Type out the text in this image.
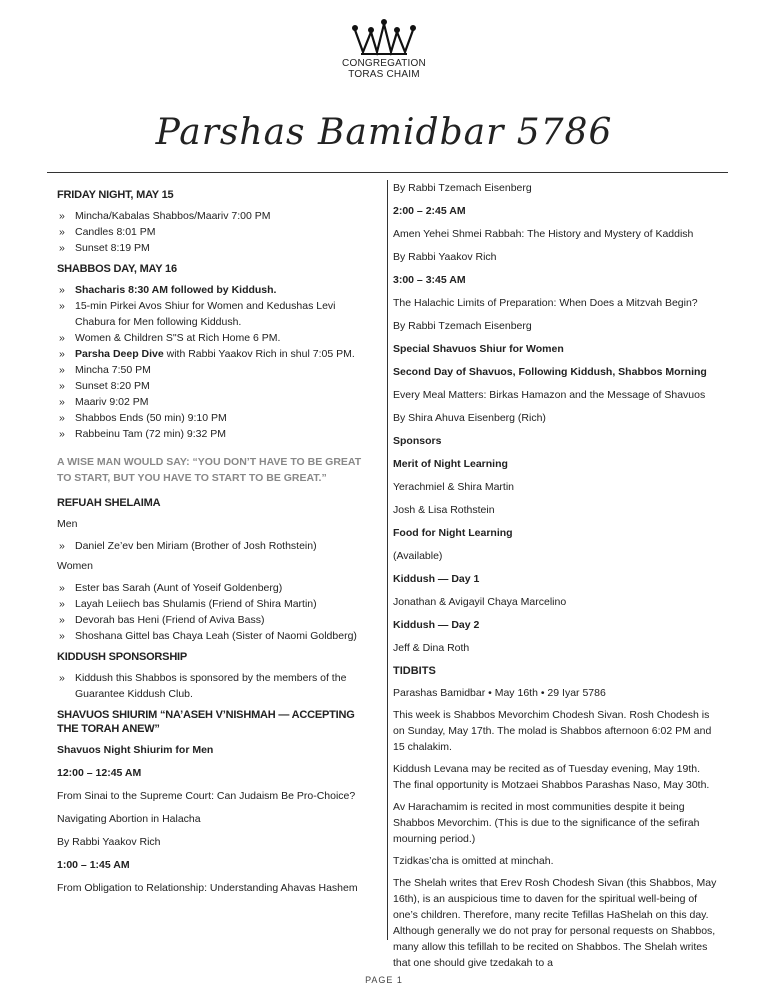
CONGREGATION
TORAS CHAIM
Parshas Bamidbar 5786
FRIDAY NIGHT, MAY 15
» Mincha/Kabalas Shabbos/Maariv 7:00 PM
» Candles 8:01 PM
» Sunset 8:19 PM
SHABBOS DAY, MAY 16
» Shacharis 8:30 AM followed by Kiddush.
» 15-min Pirkei Avos Shiur for Women and Kedushas Levi Chabura for Men following Kiddush.
» Women & Children S"S at Rich Home 6 PM.
» Parsha Deep Dive with Rabbi Yaakov Rich in shul 7:05 PM.
» Mincha 7:50 PM
» Sunset 8:20 PM
» Maariv 9:02 PM
» Shabbos Ends (50 min) 9:10 PM
» Rabbeinu Tam (72 min) 9:32 PM
A WISE MAN WOULD SAY: “YOU DON’T HAVE TO BE GREAT TO START, BUT YOU HAVE TO START TO BE GREAT.”
REFUAH SHELAIMA
Men
» Daniel Ze’ev ben Miriam (Brother of Josh Rothstein)
Women
» Ester bas Sarah (Aunt of Yoseif Goldenberg)
» Layah Leiiech bas Shulamis (Friend of Shira Martin)
» Devorah bas Heni (Friend of Aviva Bass)
» Shoshana Gittel bas Chaya Leah (Sister of Naomi Goldberg)
KIDDUSH SPONSORSHIP
» Kiddush this Shabbos is sponsored by the members of the Guarantee Kiddush Club.
SHAVUOS SHIURIM “NA’ASEH V’NISHMAH — ACCEPTING THE TORAH ANEW”
Shavuos Night Shiurim for Men
12:00 – 12:45 AM
From Sinai to the Supreme Court: Can Judaism Be Pro-Choice?
Navigating Abortion in Halacha
By Rabbi Yaakov Rich
1:00 – 1:45 AM
From Obligation to Relationship: Understanding Ahavas Hashem
By Rabbi Tzemach Eisenberg
2:00 – 2:45 AM
Amen Yehei Shmei Rabbah: The History and Mystery of Kaddish
By Rabbi Yaakov Rich
3:00 – 3:45 AM
The Halachic Limits of Preparation: When Does a Mitzvah Begin?
By Rabbi Tzemach Eisenberg
Special Shavuos Shiur for Women
Second Day of Shavuos, Following Kiddush, Shabbos Morning
Every Meal Matters: Birkas Hamazon and the Message of Shavuos
By Shira Ahuva Eisenberg (Rich)
Sponsors
Merit of Night Learning
Yerachmiel & Shira Martin
Josh & Lisa Rothstein
Food for Night Learning
(Available)
Kiddush — Day 1
Jonathan & Avigayil Chaya Marcelino
Kiddush — Day 2
Jeff & Dina Roth
TIDBITS
Parashas Bamidbar • May 16th • 29 Iyar 5786
This week is Shabbos Mevorchim Chodesh Sivan. Rosh Chodesh is on Sunday, May 17th. The molad is Shabbos afternoon 6:02 PM and 15 chalakim.
Kiddush Levana may be recited as of Tuesday evening, May 19th. The final opportunity is Motzaei Shabbos Parashas Naso, May 30th.
Av Harachamim is recited in most communities despite it being Shabbos Mevorchim. (This is due to the significance of the sefirah mourning period.)
Tzidkas’cha is omitted at minchah.
The Shelah writes that Erev Rosh Chodesh Sivan (this Shabbos, May 16th), is an auspicious time to daven for the spiritual well-being of one’s children. Therefore, many recite Tefillas HaShelah on this day. Although generally we do not pray for personal requests on Shabbos, many allow this tefillah to be recited on Shabbos. The Shelah writes that one should give tzedakah to a
PAGE 1
